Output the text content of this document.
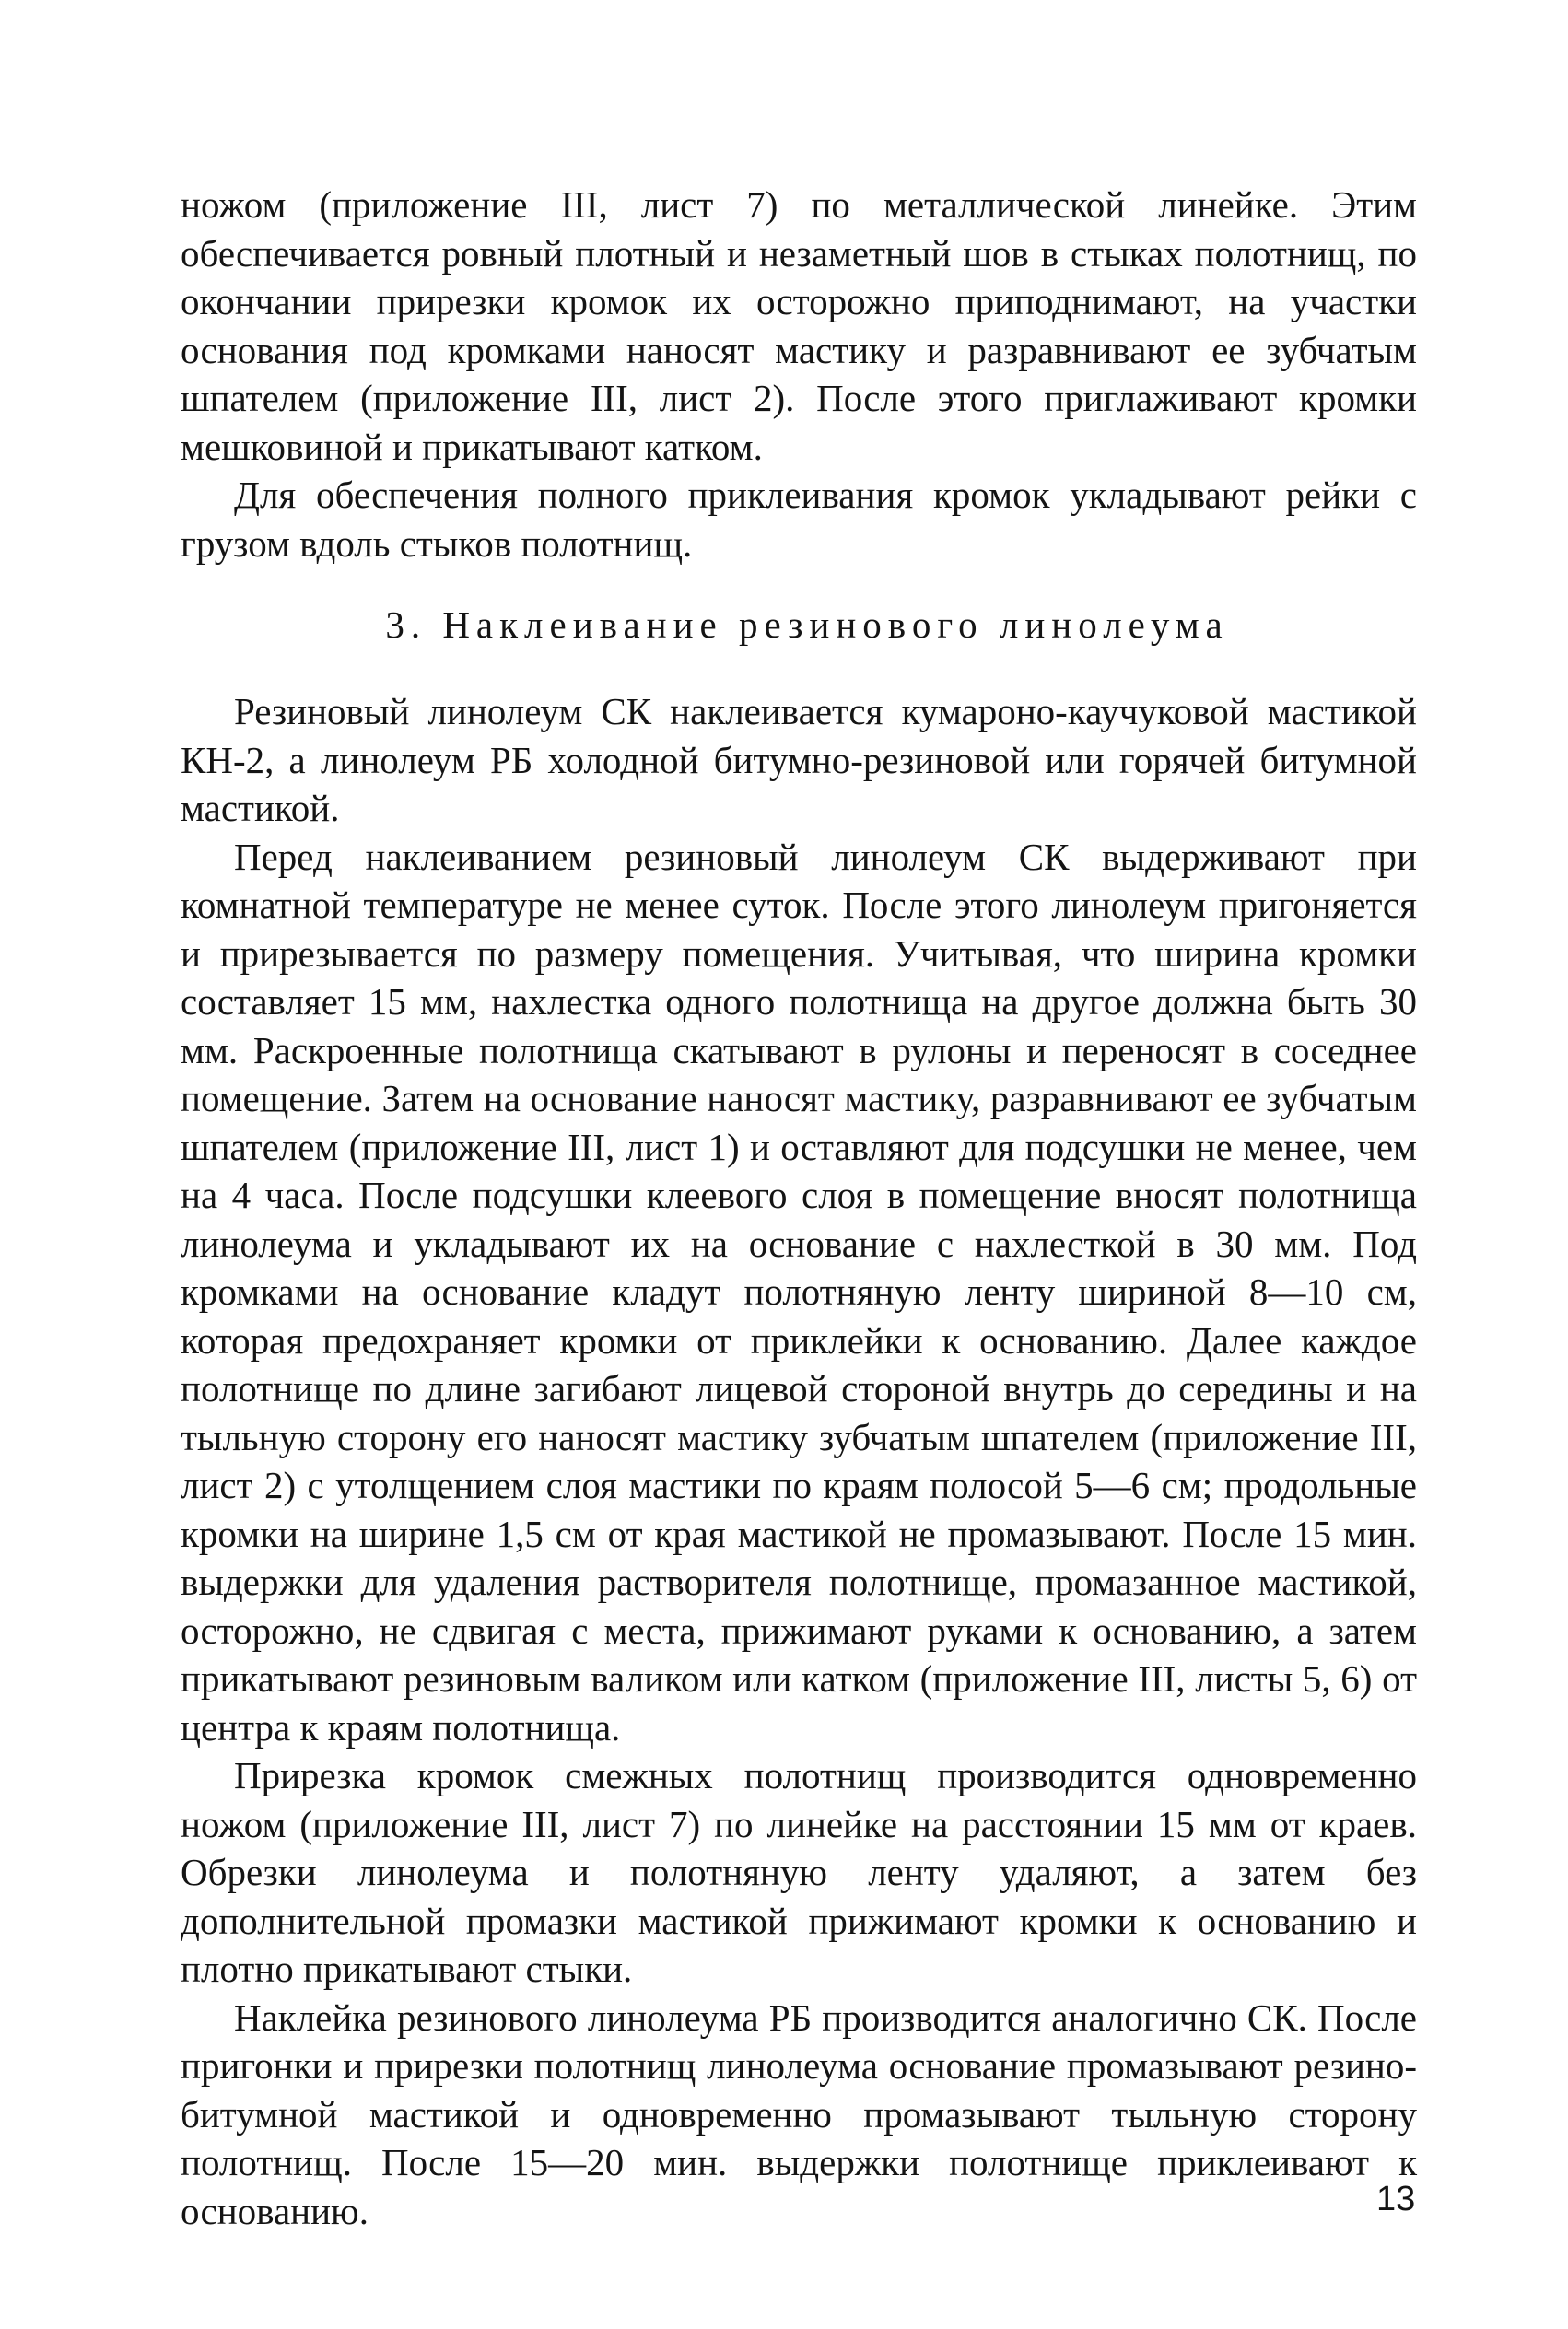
ножом (приложение III, лист 7) по металлической линейке. Этим обеспечивается ровный плотный и незаметный шов в стыках полотнищ, по окончании прирезки кромок их осторожно приподнимают, на участки основания под кромками наносят мастику и разравнивают ее зубчатым шпателем (приложение III, лист 2). После этого приглаживают кромки мешковиной и прикатывают катком.

Для обеспечения полного приклеивания кромок укладывают рейки с грузом вдоль стыков полотнищ.

3. Наклеивание резинового линолеума

Резиновый линолеум СК наклеивается кумароно-каучуковой мастикой КН-2, а линолеум РБ холодной битумно-резиновой или горячей битумной мастикой.

Перед наклеиванием резиновый линолеум СК выдерживают при комнатной температуре не менее суток. После этого линолеум пригоняется и прирезывается по размеру помещения. Учитывая, что ширина кромки составляет 15 мм, нахлестка одного полотнища на другое должна быть 30 мм. Раскроенные полотнища скатывают в рулоны и переносят в соседнее помещение. Затем на основание наносят мастику, разравнивают ее зубчатым шпателем (приложение III, лист 1) и оставляют для подсушки не менее, чем на 4 часа. После подсушки клеевого слоя в помещение вносят полотнища линолеума и укладывают их на основание с нахлесткой в 30 мм. Под кромками на основание кладут полотняную ленту шириной 8—10 см, которая предохраняет кромки от приклейки к основанию. Далее каждое полотнище по длине загибают лицевой стороной внутрь до середины и на тыльную сторону его наносят мастику зубчатым шпателем (приложение III, лист 2) с утолщением слоя мастики по краям полосой 5—6 см; продольные кромки на ширине 1,5 см от края мастикой не промазывают. После 15 мин. выдержки для удаления растворителя полотнище, промазанное мастикой, осторожно, не сдвигая с места, прижимают руками к основанию, а затем прикатывают резиновым валиком или катком (приложение III, листы 5, 6) от центра к краям полотнища.

Прирезка кромок смежных полотнищ производится одновременно ножом (приложение III, лист 7) по линейке на расстоянии 15 мм от краев. Обрезки линолеума и полотняную ленту удаляют, а затем без дополнительной промазки мастикой прижимают кромки к основанию и плотно прикатывают стыки.

Наклейка резинового линолеума РБ производится аналогично СК. После пригонки и прирезки полотнищ линолеума основание промазывают резино-битумной мастикой и одновременно промазывают тыльную сторону полотнищ. После 15—20 мин. выдержки полотнище приклеивают к основанию.	13
